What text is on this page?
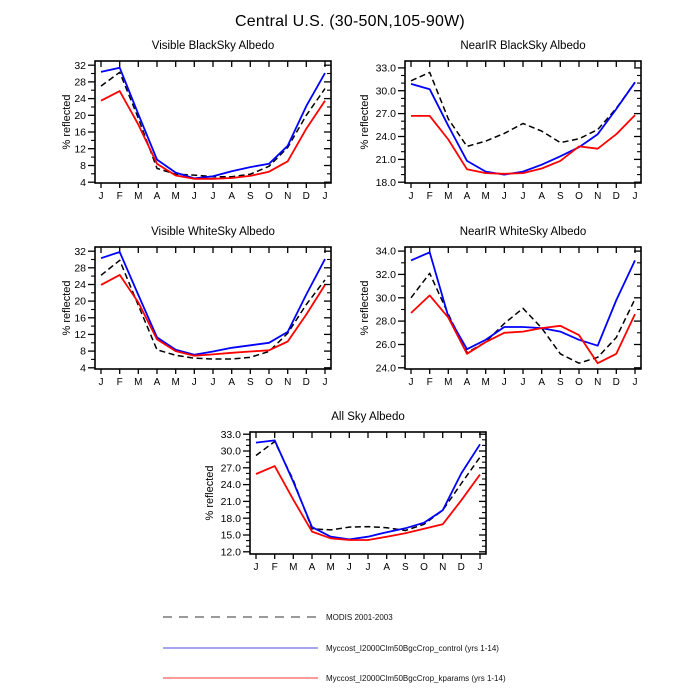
Central U.S. (30-50N,105-90W)
Visible BlackSky Albedo
% reflected
4
8
12
16
20
24
28
32
J F M A M J J A S O N D J
NearIR BlackSky Albedo
% reflected
18.0
21.0
24.0
27.0
30.0
33.0
J F M A M J J A S O N D J
Visible WhiteSky Albedo
% reflected
4
8
12
16
20
24
28
32
J F M A M J J A S O N D J
NearIR WhiteSky Albedo
% reflected
24.0
26.0
28.0
30.0
32.0
34.0
J F M A M J J A S O N D J
All Sky Albedo
% reflected
12.0
15.0
18.0
21.0
24.0
27.0
30.0
33.0
J F M A M J J A S O N D J
MODIS 2001-2003
Myccost_I2000Clm50BgcCrop_control (yrs 1-14)
Myccost_I2000Clm50BgcCrop_kparams (yrs 1-14)
